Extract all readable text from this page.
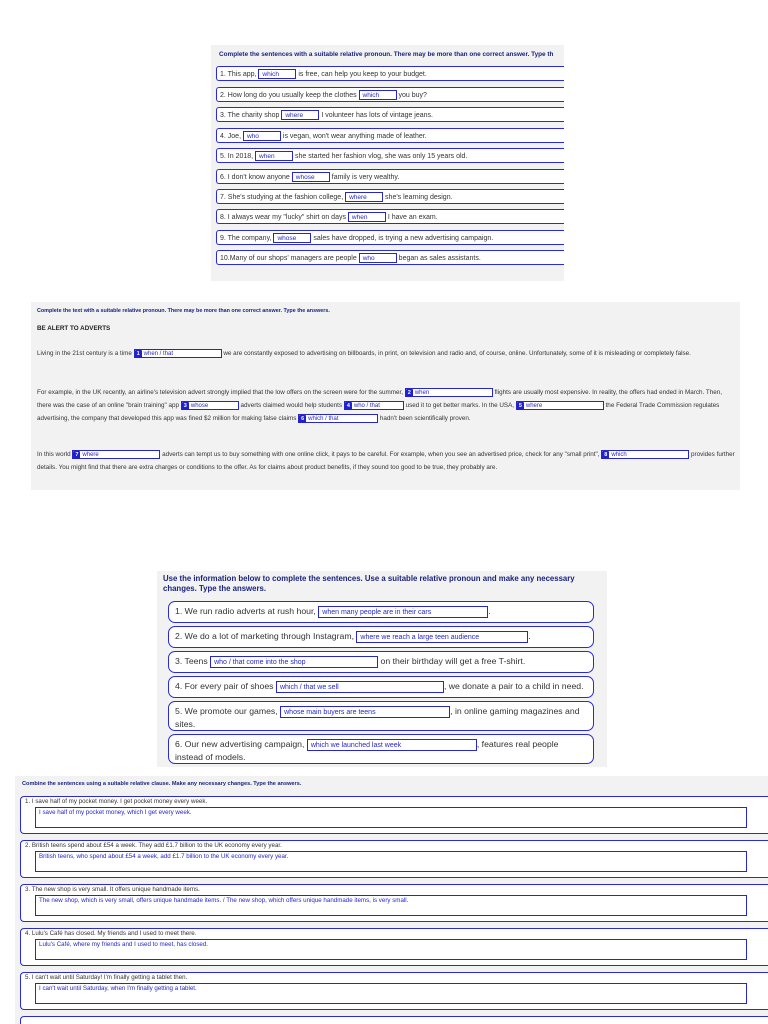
Complete the sentences with a suitable relative pronoun. There may be more than one correct answer. Type th
1. This app, which	is free, can help you keep to your budget.
2. How long do you usually keep the clothes which	you buy?
3. The charity shop where	I volunteer has lots of vintage jeans.
4. Joe, who	is vegan, won't wear anything made of leather.
5. In 2018, when	she started her fashion vlog, she was only 15 years old.
6. I don't know anyone whose family is very wealthy.
7. She's studying at the fashion college, where	she's learning design.
8. I always wear my "lucky" shirt on days when	I have an exam.
9. The company, whose sales have dropped, is trying a new advertising campaign.
10.Many of our shops' managers are people who	began as sales assistants.
Complete the text with a suitable relative pronoun. There may be more than one correct answer. Type the answers.
BE ALERT TO ADVERTS
Living in the 21st century is a time 1 when / that	we are constantly exposed to advertising on billboards, in print, on television and radio and, of course, online. Unfortunately, some of it is misleading or completely false.
For example, in the UK recently, an airline's television advert strongly implied that the low offers on the screen were for the summer, 2 when	flights are usually most expensive. In reality, the offers had ended in March. Then, there was the case of an online "brain training" app 3 whose	adverts claimed would help students 4 who / that	used it to get better marks. In the USA, 5 where	the Federal Trade Commission regulates advertising, the company that developed this app was fined $2 million for making false claims 6 which / that	hadn't been scientifically proven.
In this world 7 where	adverts can tempt us to buy something with one online click, it pays to be careful. For example, when you see an advertised price, check for any "small print", 8 which	provides further details. You might find that there are extra charges or conditions to the offer. As for claims about product benefits, if they sound too good to be true, they probably are.
Use the information below to complete the sentences. Use a suitable relative pronoun and make any necessary changes. Type the answers.
1. We run radio adverts at rush hour, when many people are in their cars	.
2. We do a lot of marketing through Instagram, where we reach a large teen audience	.
3. Teens who / that come into the shop	on their birthday will get a free T-shirt.
4. For every pair of shoes which / that we sell	, we donate a pair to a child in need.
5. We promote our games, whose main buyers are teens	, in online gaming magazines and sites.
6. Our new advertising campaign, which we launched last week	, features real people instead of models.
Combine the sentences using a suitable relative clause. Make any necessary changes. Type the answers.
1. I save half of my pocket money. I get pocket money every week.
I save half of my pocket money, which I get every week.
2. British teens spend about £54 a week. They add £1.7 billion to the UK economy every year.
British teens, who spend about £54 a week, add £1.7 billion to the UK economy every year.
3. The new shop is very small. It offers unique handmade items.
The new shop, which is very small, offers unique handmade items. / The new shop, which offers unique handmade items, is very small.
4. Lulu's Café has closed. My friends and I used to meet there.
Lulu's Café, where my friends and I used to meet, has closed.
5. I can't wait until Saturday! I'm finally getting a tablet then.
I can't wait until Saturday, when I'm finally getting a tablet.
